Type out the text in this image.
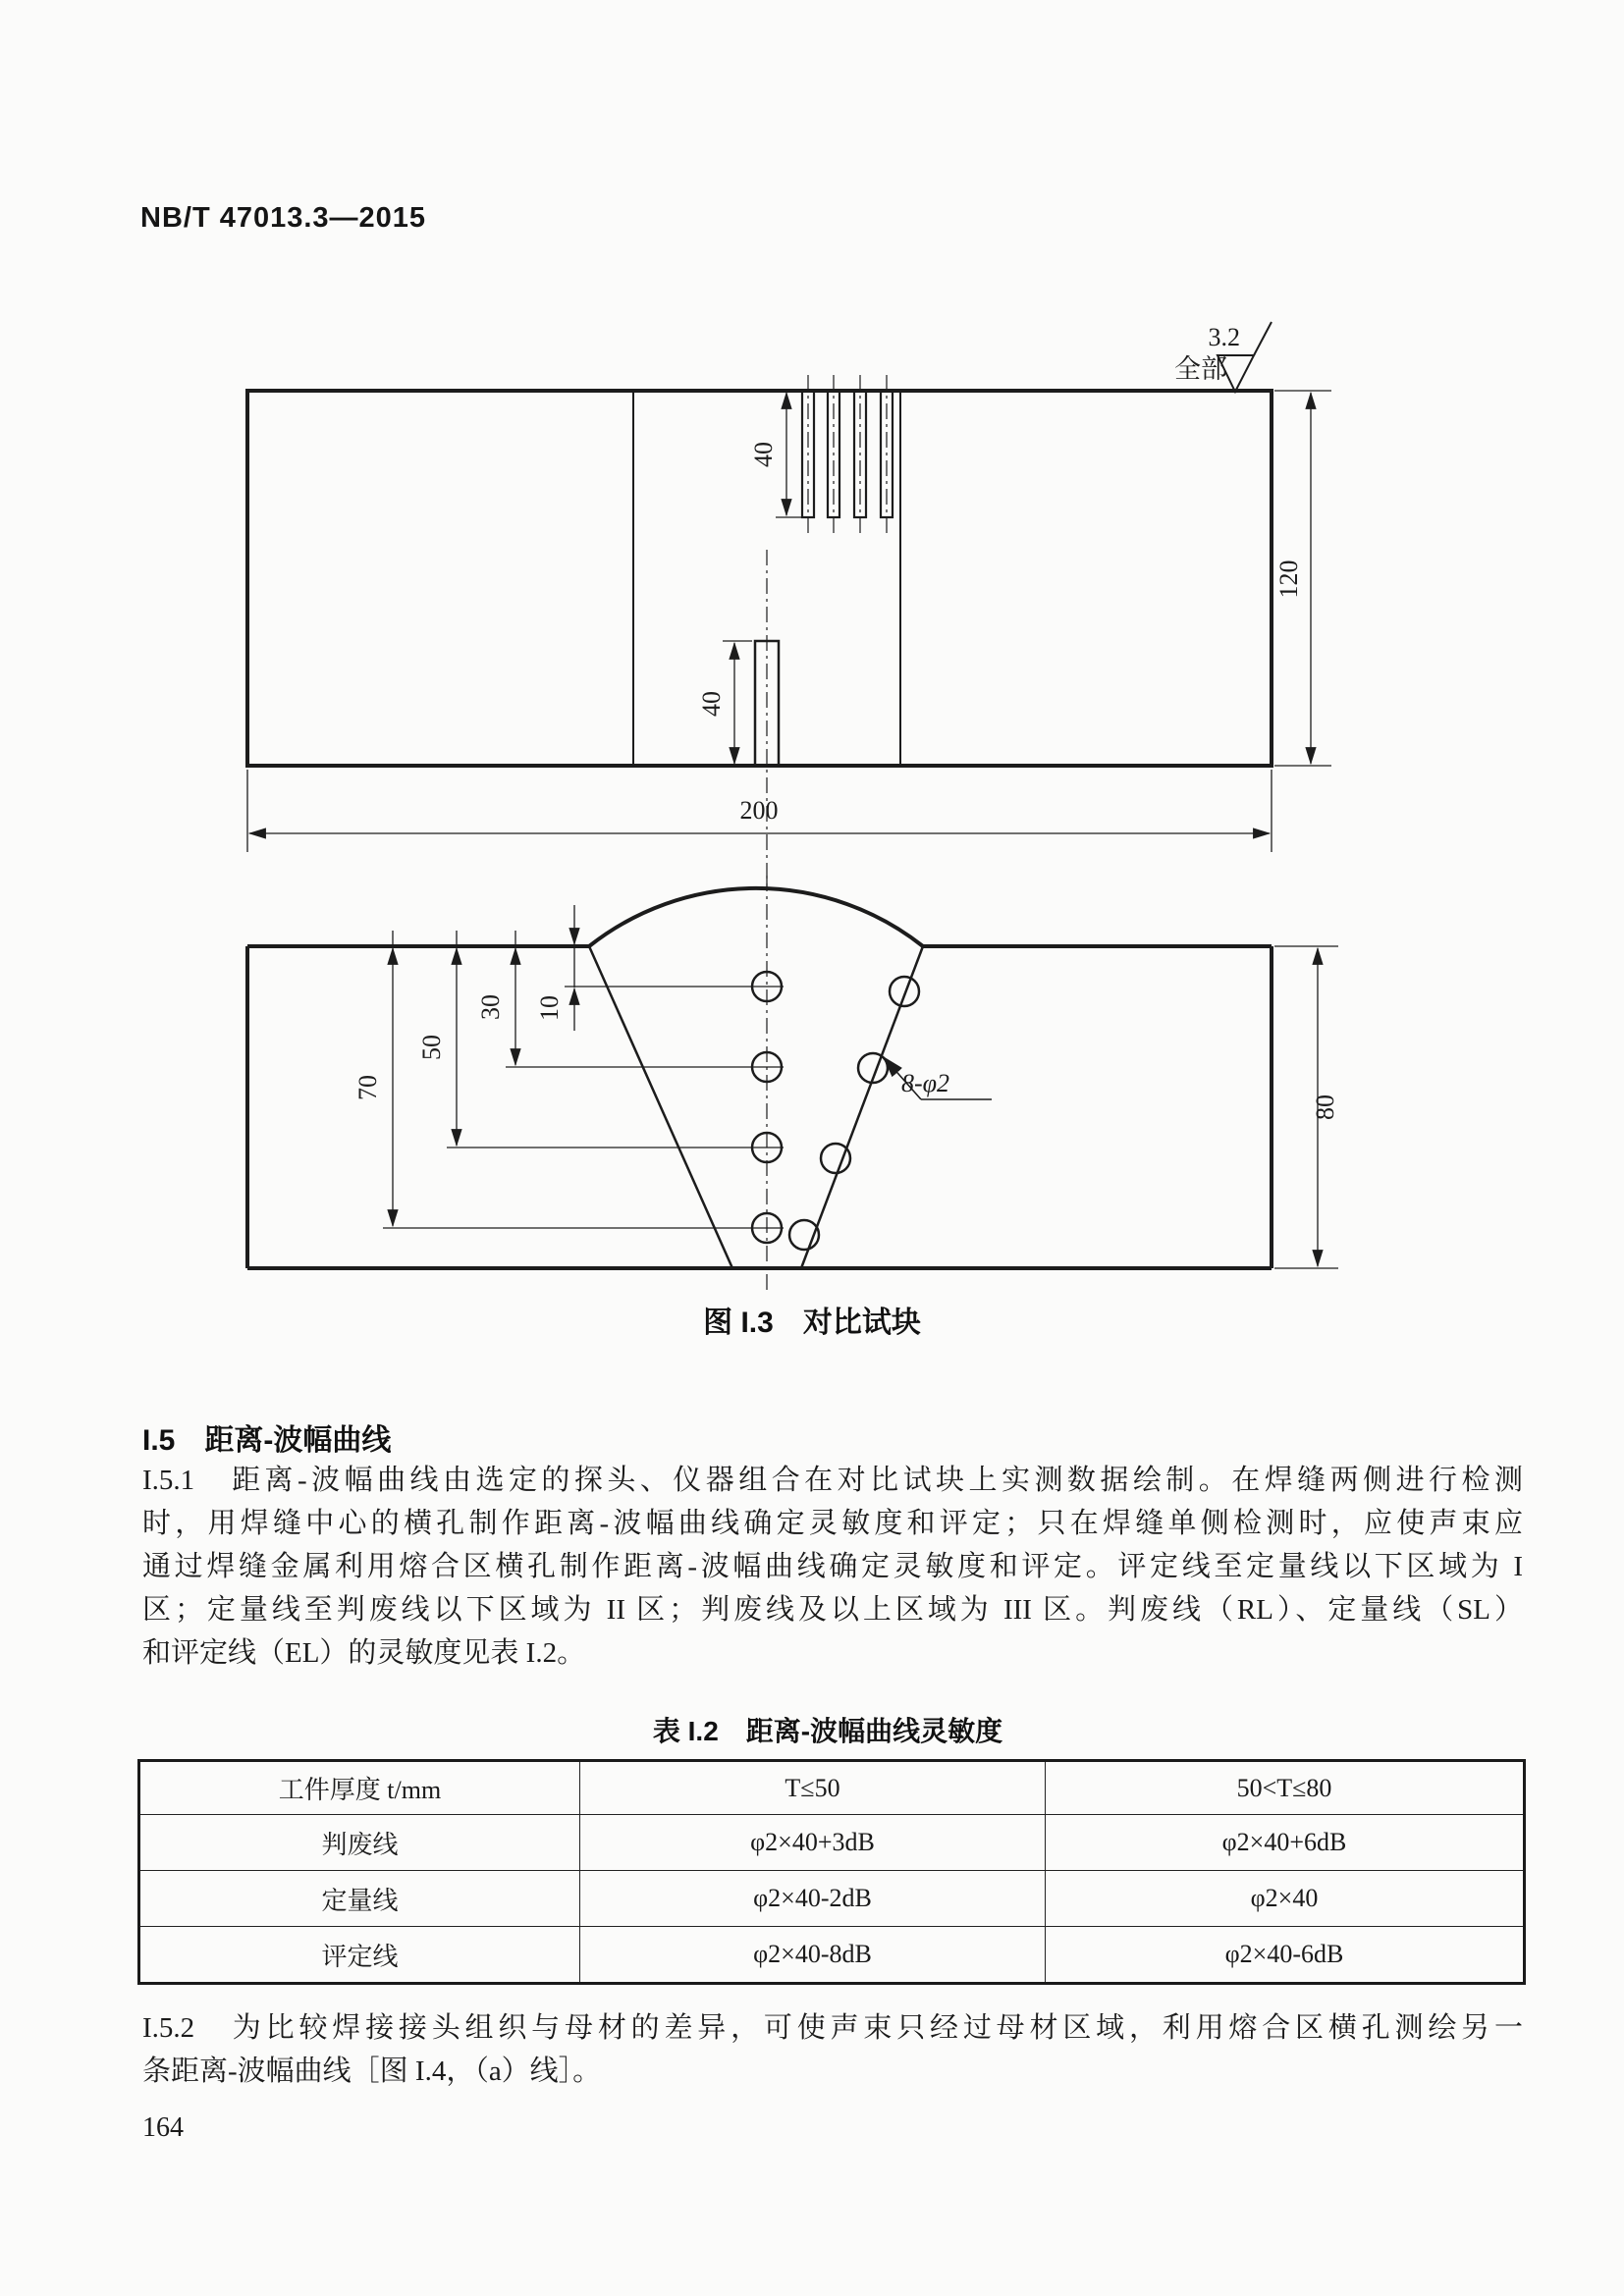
NB/T 47013.3—2015
全部
3.2
40
40
120
200
10
30
50
70
80
8-φ2
图 I.3　对比试块
I.5　距离-波幅曲线
I.5.1　距离-波幅曲线由选定的探头、仪器组合在对比试块上实测数据绘制。在焊缝两侧进行检测
时，用焊缝中心的横孔制作距离-波幅曲线确定灵敏度和评定；只在焊缝单侧检测时，应使声束应
通过焊缝金属利用熔合区横孔制作距离-波幅曲线确定灵敏度和评定。评定线至定量线以下区域为 I
区；定量线至判废线以下区域为 II 区；判废线及以上区域为 III 区。判废线（RL）、定量线（SL）
和评定线（EL）的灵敏度见表 I.2。
表 I.2　距离-波幅曲线灵敏度
工件厚度 t/mm	T≤50	50<T≤80
判废线	φ2×40+3dB	φ2×40+6dB
定量线	φ2×40-2dB	φ2×40
评定线	φ2×40-8dB	φ2×40-6dB
I.5.2　为比较焊接接头组织与母材的差异，可使声束只经过母材区域，利用熔合区横孔测绘另一
条距离-波幅曲线［图 I.4，（a）线］。
164
